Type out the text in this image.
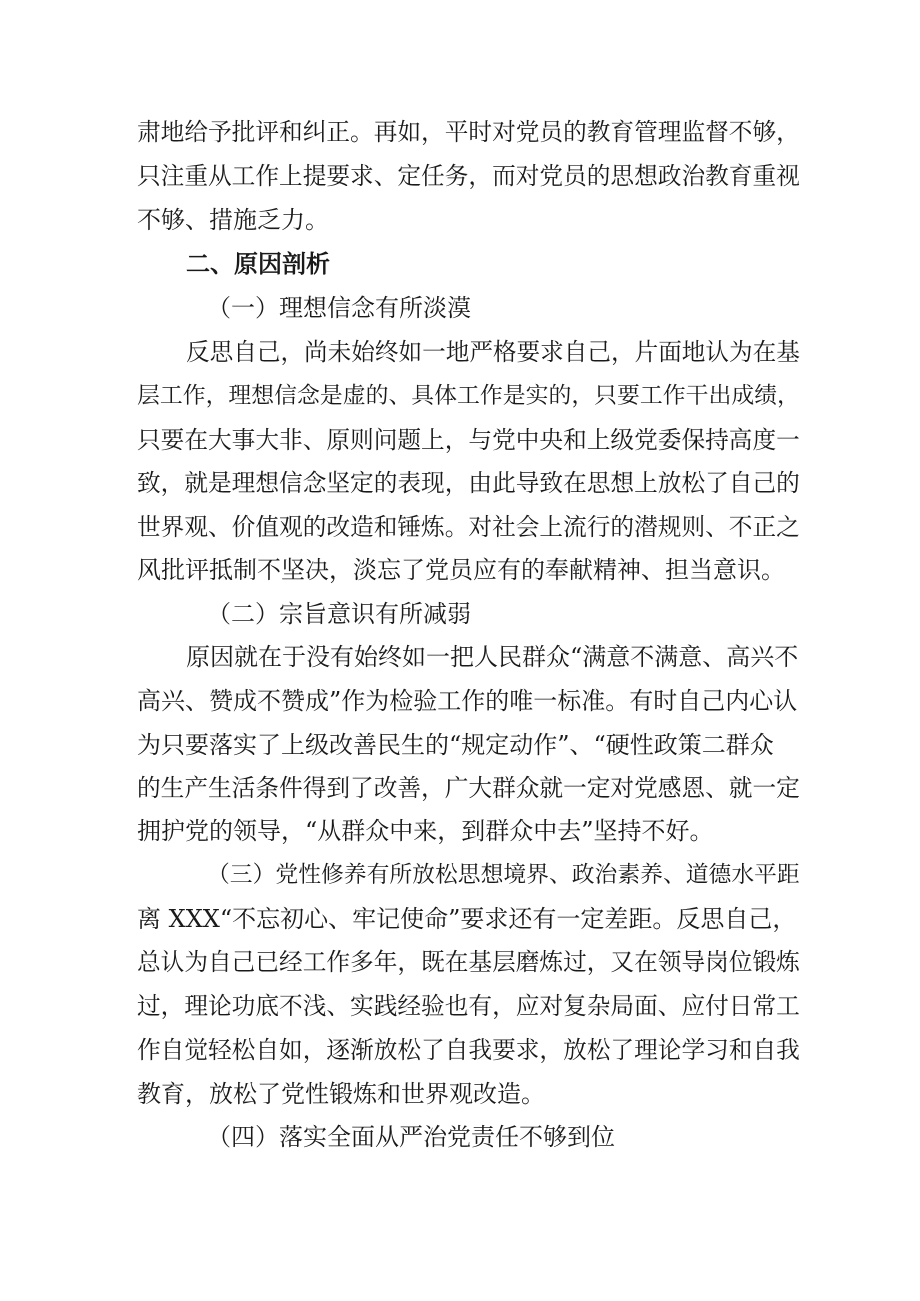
肃地给予批评和纠正。再如，平时对党员的教育管理监督不够，

只注重从工作上提要求、定任务，而对党员的思想政治教育重视

不够、措施乏力。

二、原因剖析

（一）理想信念有所淡漠

反思自己，尚未始终如一地严格要求自己，片面地认为在基

层工作，理想信念是虚的、具体工作是实的，只要工作干出成绩，

只要在大事大非、原则问题上，与党中央和上级党委保持高度一

致，就是理想信念坚定的表现，由此导致在思想上放松了自己的

世界观、价值观的改造和锤炼。对社会上流行的潜规则、不正之

风批评抵制不坚决，淡忘了党员应有的奉献精神、担当意识。

（二）宗旨意识有所减弱

原因就在于没有始终如一把人民群众“满意不满意、高兴不

高兴、赞成不赞成”作为检验工作的唯一标准。有时自己内心认

为只要落实了上级改善民生的“规定动作”、“硬性政策二群众

的生产生活条件得到了改善，广大群众就一定对党感恩、就一定

拥护党的领导，“从群众中来，到群众中去”坚持不好。

（三）党性修养有所放松思想境界、政治素养、道德水平距

离 XXX“不忘初心、牢记使命”要求还有一定差距。反思自己，

总认为自己已经工作多年，既在基层磨炼过，又在领导岗位锻炼

过，理论功底不浅、实践经验也有，应对复杂局面、应付日常工

作自觉轻松自如，逐渐放松了自我要求，放松了理论学习和自我

教育，放松了党性锻炼和世界观改造。

（四）落实全面从严治党责任不够到位
